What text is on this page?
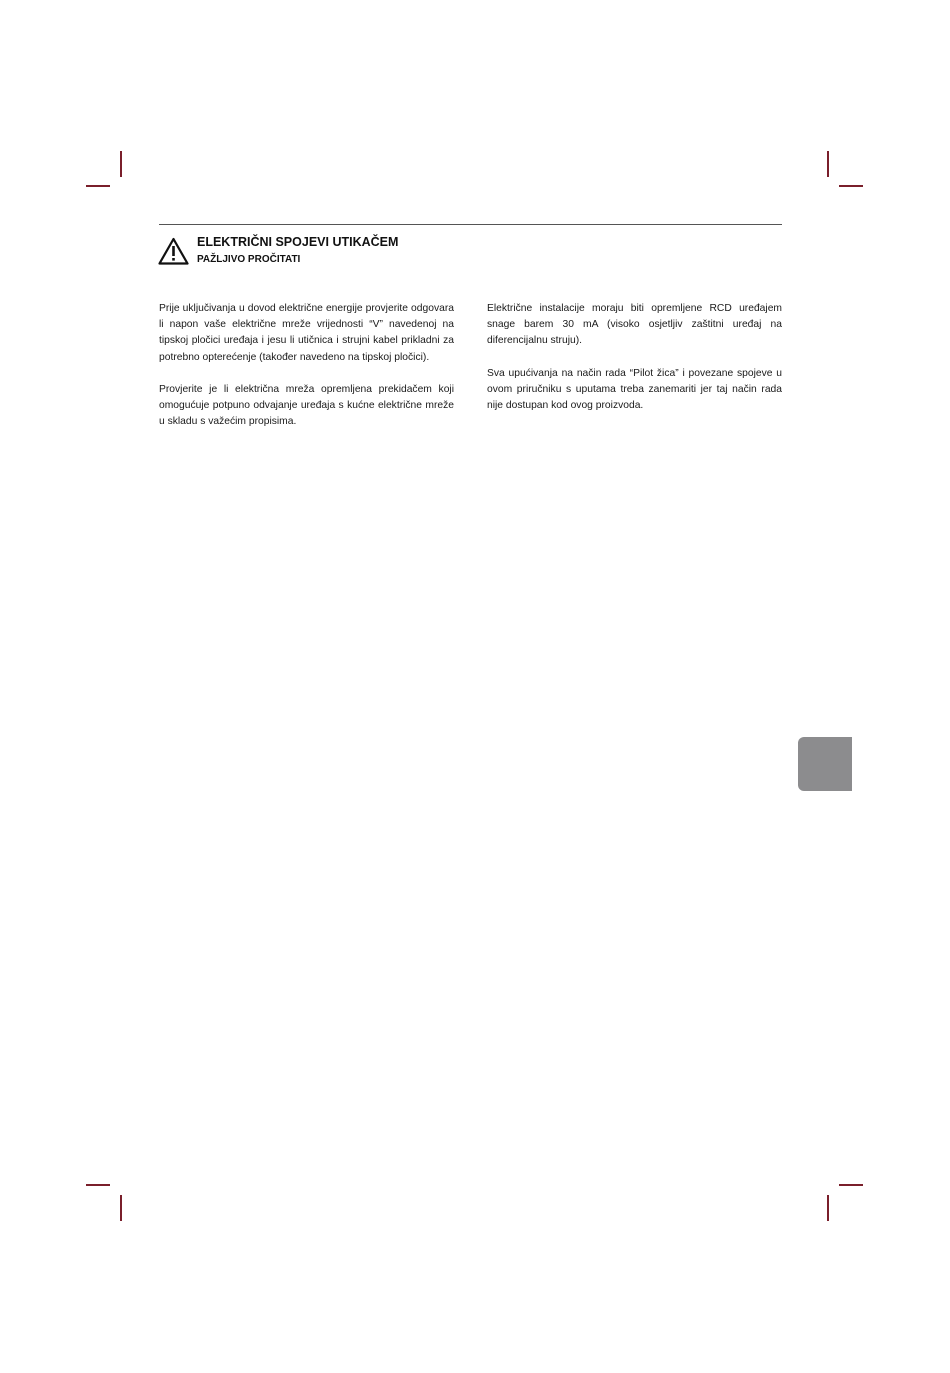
ELEKTRIČNI SPOJEVI UTIKAČEM
PAŽLJIVO PROČITATI

Prije uključivanja u dovod električne energije provjerite odgovara li napon vaše električne mreže vrijednosti “V” navedenoj na tipskoj pločici uređaja i jesu li utičnica i strujni kabel prikladni za potrebno opterećenje (također navedeno na tipskoj pločici).

Provjerite je li električna mreža opremljena prekidačem koji omogućuje potpuno odvajanje uređaja s kućne električne mreže u skladu s važećim propisima.

Električne instalacije moraju biti opremljene RCD uređajem snage barem 30 mA (visoko osjetljiv zaštitni uređaj na diferencijalnu struju).

Sva upućivanja na način rada “Pilot žica” i povezane spojeve u ovom priručniku s uputama treba zanemariti jer taj način rada nije dostupan kod ovog proizvoda.
